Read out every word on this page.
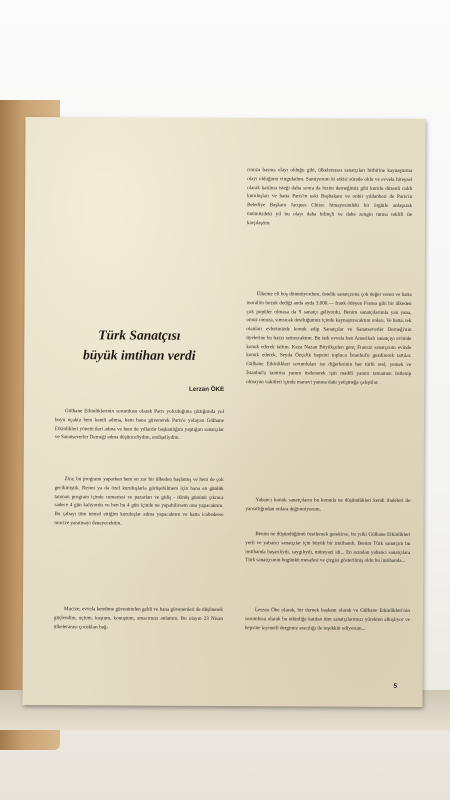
Türk Sanatçısı
büyük imtihan verdi
Lerzan ÖKE

Gülhane Etkinliklerinin sorumlusu olarak Paris yolculuğuna çıktığımda yol boyu uçakta hem kendi adıma, hem bana güvenerek Paris'e yolayan Gülhane Etkinlikleri yöneticileri adına ve hem de yıllardır başkanlığını yaptığım sanatçılar ve Sanatseverler Derneği adına düşünceliydim, endişeliydim.

Zira; bu programı yaparken hem en zor bir ülkeden başlamış ve hem de çok gecikmiştik. Resmi ya da özel kuruluşlarla görüşebilmem için bana en günlük tanınan program içinde cumartesi ve pazarları ve gidiş - dönüş gününü çıkınca sadece 4 gün kalıyordu ve ben bu 4 gün içinde ne yapabilirsem onu yapacaktım. Bu çabayı tüm temsil ettiğim kuruluşlar adına yapacaktım ve hatta icabederse mucize yaratmayı deneyecektim.

Mucize; evvela kendime güvenimden geldi ve bana güvenenleri de düşünerek güçlendim, uçtum, koştum, konuştum, amacımızı anlattım. Bu olayın 23 Nisan ülkelerarası çocukları bağ-

rımıza basma olayı olduğu gibi, ülkelerarası sanatçıları birbirine kaynaştırma olayı olduğunu vurguladım. Samiyorum ki etkisi süratle oldu ve evvela bireysel olarak katılma isteği daha sonra da bizim derneğimiz gibi kurulu düzenli ciddi kuruluşları ve hatta Paris'in eski Başbakanı ve onbir yıldanberi de Paris'in Belediye Başkanı Jacques Chirac himayesindeki bir örgütle anlaşarak önümüzdeki yıl bu olayı daha bilinçli ve daha zengin tutma teklifi ile karşılaştım.

Ülkeme eli boş dönmüyordum, üstelik sanatçısına çok değer veren ve hatta moralim bozuk dediği anda ayda 3.000.— frank ödeyen Fransa gibi bir ülkeden çok popüler olmasa da 9 sanatçı geliyordu. Benim sanatçılarımla yan yana, omuz omuza, sımsıcak dostluğumuz içinde kaynaştıracaktım onları. Ve hatta, tek olanları evlerimizde konuk edip Sanatçılar ve Sanatseverler Derneği'nin üyelerine bu hazzı tattıracaktım. Bu tadı evvela ben Amerikalı sanatçıyı evimde konuk ederek tattım. Keza Nazan Büyükçelen genç Fransız sanatçısını evinde konuk ederek, Seyda Özçelik hepsini topluca İstanbul'u gezdirerek tattılar. Gülhane Etkinlikleri sorumluları ise diğerlerinin her türlü otel, yemek ve İstanbul'u tanıtma yanını üstlenerek işin maddi yanını tamamen üstlenip olmayan vakitleri içinde manevi yanına dahi yetişmeğe çalıştılar.

Yabancı konuk sanatçıların bu konuda ne düşündükleri kendi ifadeleri ile yansıttığından onlara değinmiyorum.

Benim ne düşündüğümü özetlemek gerekirse, bu yılki Gülhane Etkinlikleri yerli ve yabancı sanatçılar için büyük bir imtihandı. Benim Türk sanatçım bu imtihanda başarılıydı, saygılıydı, müteyazi idi... En azından yabancı sanatçılara Türk sanatçısının bugünkü mesafesi ve çizgisi gösterilmiş oldu bu imtihanda...

Lerzan Öke olarak, bir dernek başkanı olarak ve Gülhane Etkinlikleri'nin sorumlusu olarak bu etkinliğe katılan tüm sanatçılarımızı yürekten alkışlıyor ve hepsine kıymetli dergimiz aracılığı ile teşekkür ediyorum...

5
